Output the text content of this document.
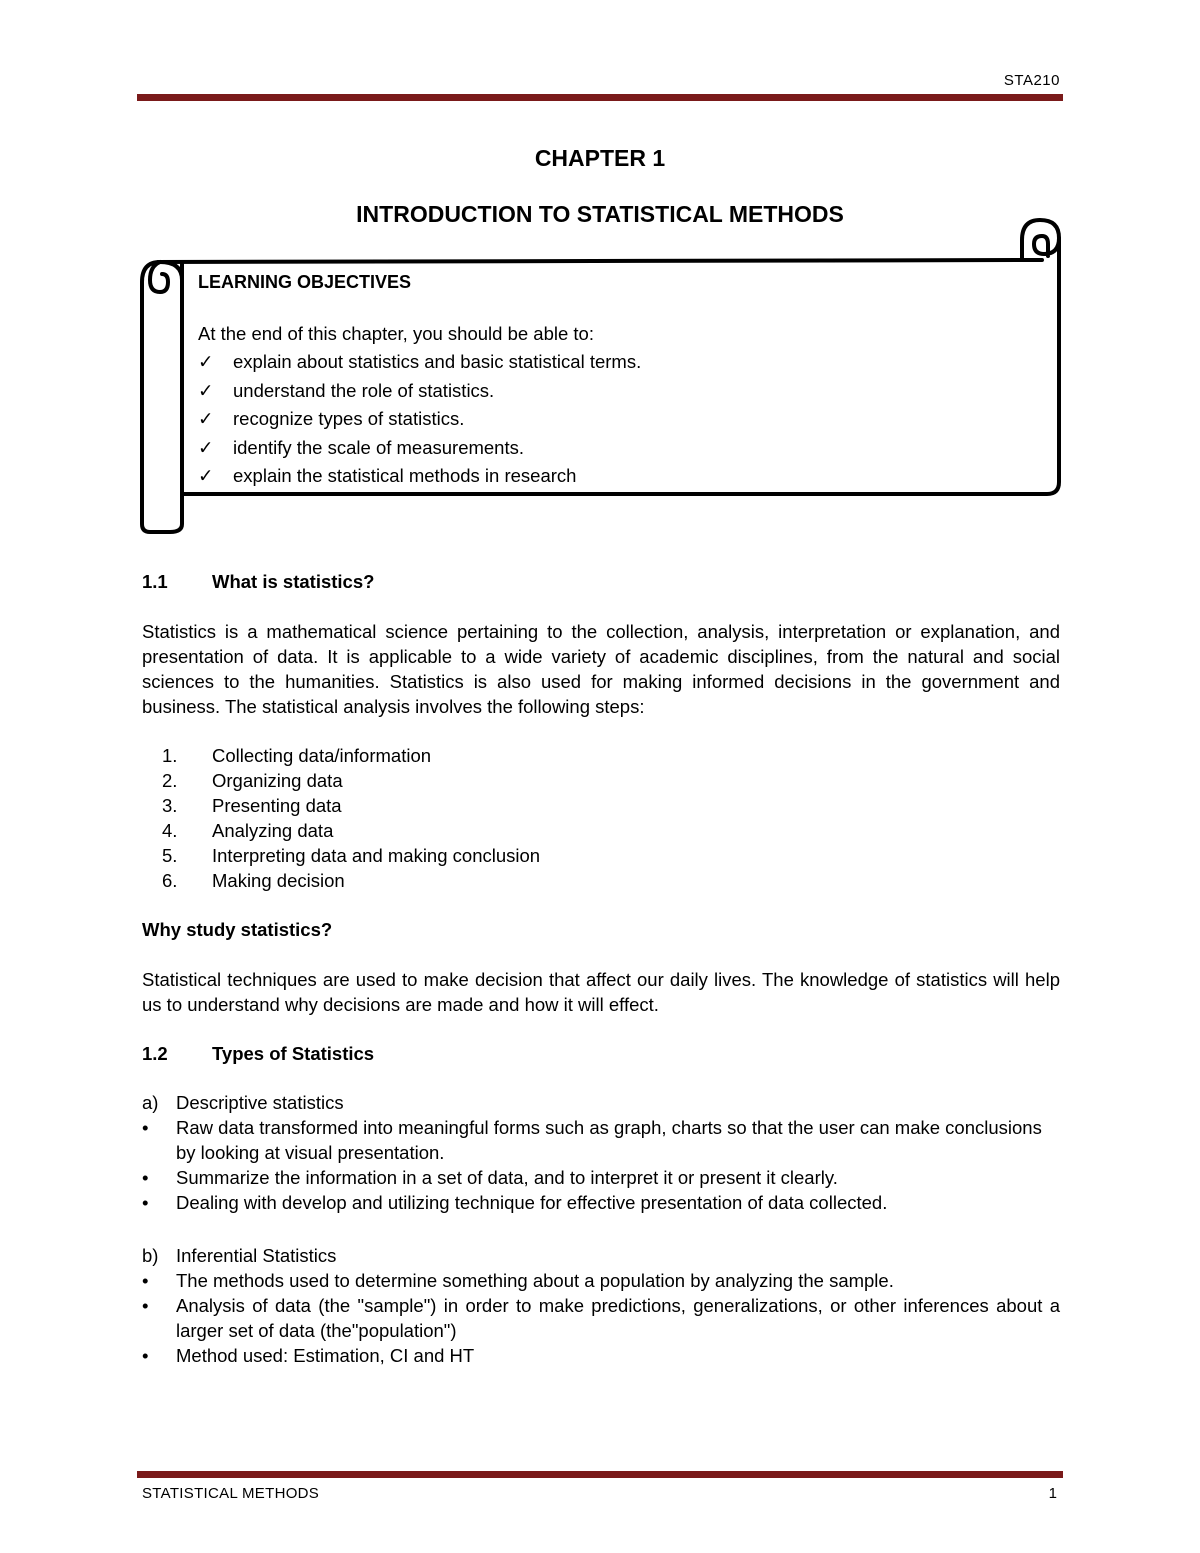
STA210
CHAPTER 1
INTRODUCTION TO STATISTICAL METHODS
LEARNING OBJECTIVES
At the end of this chapter, you should be able to:
✓ explain about statistics and basic statistical terms.
✓ understand the role of statistics.
✓ recognize types of statistics.
✓ identify the scale of measurements.
✓ explain the statistical methods in research
1.1 What is statistics?
Statistics is a mathematical science pertaining to the collection, analysis, interpretation or explanation, and presentation of data. It is applicable to a wide variety of academic disciplines, from the natural and social sciences to the humanities. Statistics is also used for making informed decisions in the government and business. The statistical analysis involves the following steps:
1. Collecting data/information
2. Organizing data
3. Presenting data
4. Analyzing data
5. Interpreting data and making conclusion
6. Making decision
Why study statistics?
Statistical techniques are used to make decision that affect our daily lives. The knowledge of statistics will help us to understand why decisions are made and how it will effect.
1.2 Types of Statistics
a) Descriptive statistics
• Raw data transformed into meaningful forms such as graph, charts so that the user can make conclusions by looking at visual presentation.
• Summarize the information in a set of data, and to interpret it or present it clearly.
• Dealing with develop and utilizing technique for effective presentation of data collected.
b) Inferential Statistics
• The methods used to determine something about a population by analyzing the sample.
• Analysis of data (the "sample") in order to make predictions, generalizations, or other inferences about a larger set of data (the"population")
• Method used: Estimation, CI and HT
STATISTICAL METHODS	1
